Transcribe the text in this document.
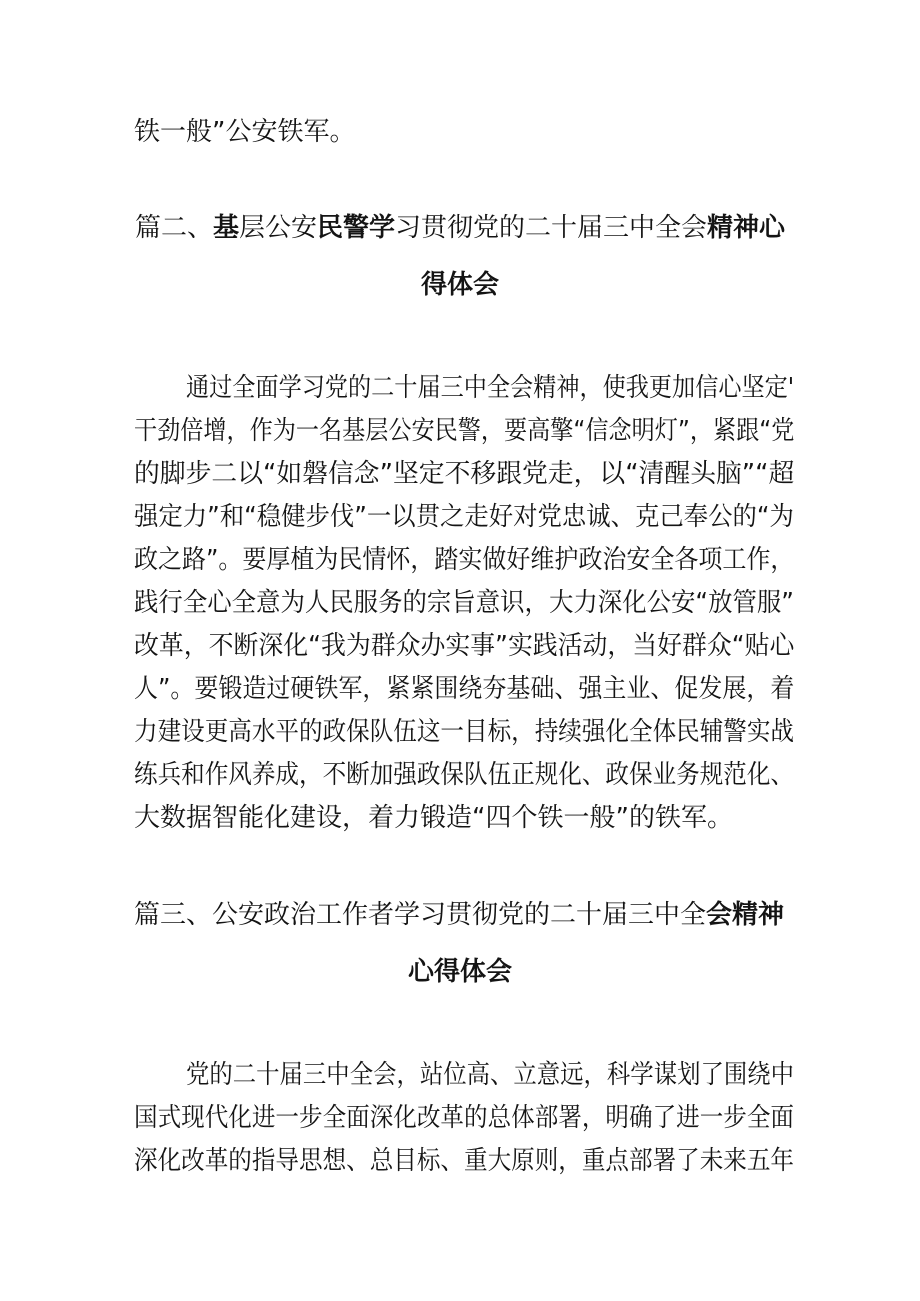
铁一般”公安铁军。
篇二、基层公安民警学习贯彻党的二十届三中全会精神心
得体会
通过全面学习党的二十届三中全会精神，使我更加信心坚定'
干劲倍增，作为一名基层公安民警，要高擎“信念明灯”，紧跟“党
的脚步二以“如磐信念”坚定不移跟党走，以“清醒头脑”“超
强定力”和“稳健步伐”一以贯之走好对党忠诚、克己奉公的“为
政之路”。要厚植为民情怀，踏实做好维护政治安全各项工作，
践行全心全意为人民服务的宗旨意识，大力深化公安“放管服”
改革，不断深化“我为群众办实事”实践活动，当好群众“贴心
人”。要锻造过硬铁军，紧紧围绕夯基础、强主业、促发展，着
力建设更高水平的政保队伍这一目标，持续强化全体民辅警实战
练兵和作风养成，不断加强政保队伍正规化、政保业务规范化、
大数据智能化建设，着力锻造“四个铁一般”的铁军。
篇三、公安政治工作者学习贯彻党的二十届三中全会精神
心得体会
党的二十届三中全会，站位高、立意远，科学谋划了围绕中
国式现代化进一步全面深化改革的总体部署，明确了进一步全面
深化改革的指导思想、总目标、重大原则，重点部署了未来五年
